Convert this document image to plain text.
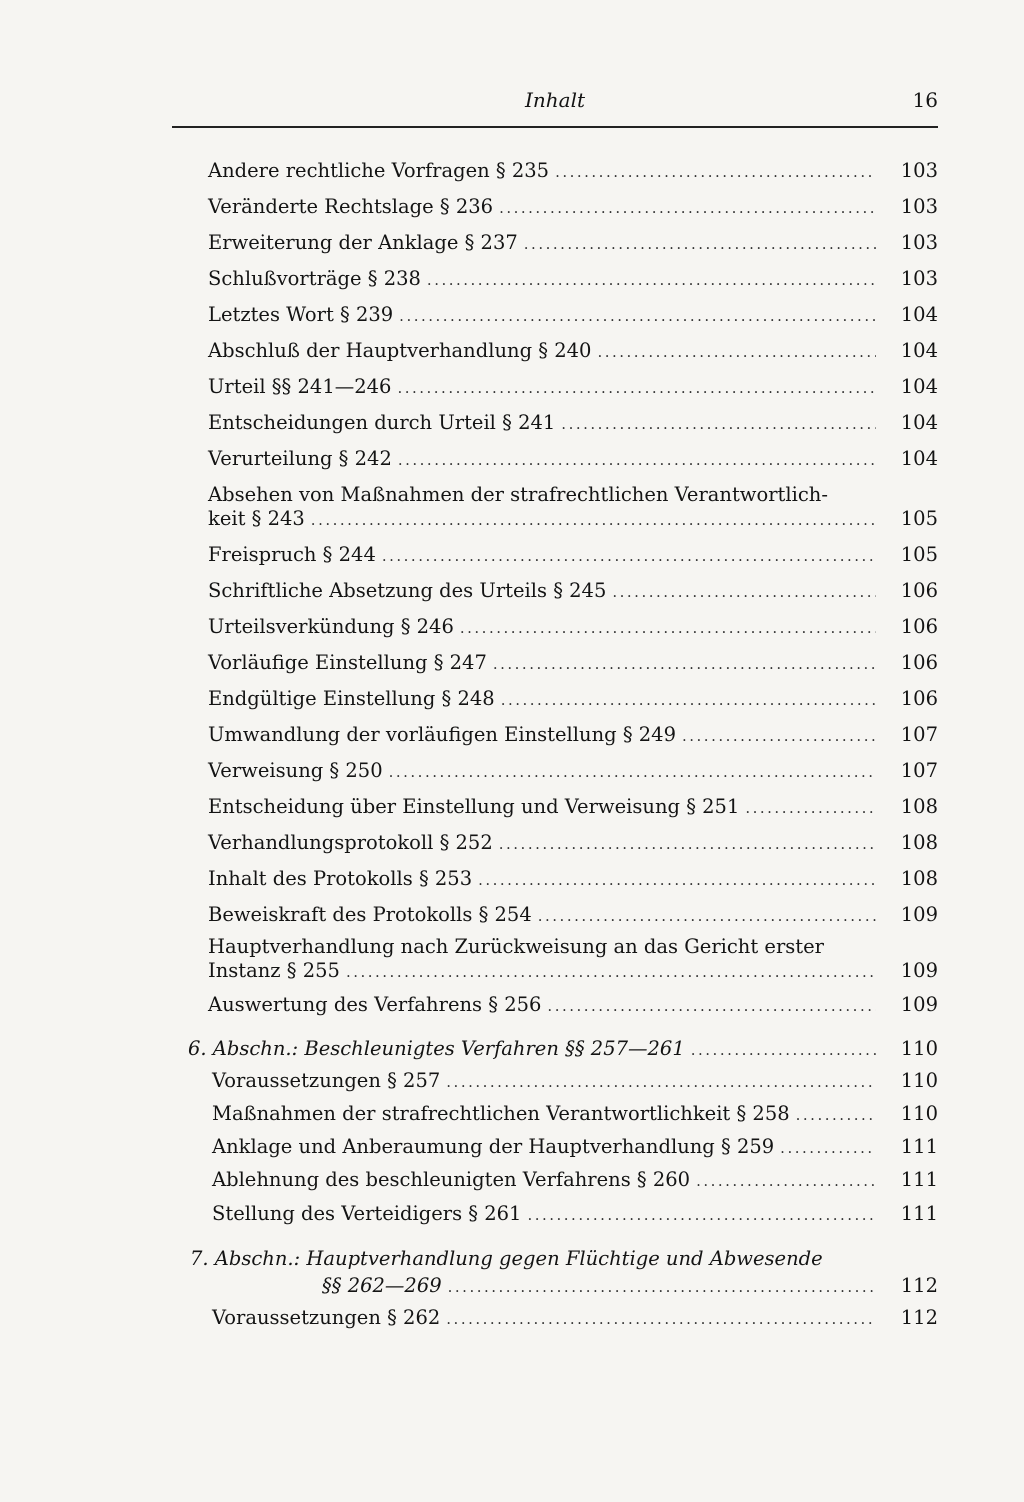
Inhalt	16
Andere rechtliche Vorfragen § 235 .....	103
Veränderte Rechtslage § 236 .....	103
Erweiterung der Anklage § 237 .....	103
Schlußvorträge § 238 .....	103
Letztes Wort § 239 .....	104
Abschluß der Hauptverhandlung § 240 .....	104
Urteil §§ 241—246 .....	104
Entscheidungen durch Urteil § 241 .....	104
Verurteilung § 242 .....	104
Absehen von Maßnahmen der strafrechtlichen Verantwortlich-
keit § 243 .....	105
Freispruch § 244 .....	105
Schriftliche Absetzung des Urteils § 245 .....	106
Urteilsverkündung § 246 .....	106
Vorläufige Einstellung § 247 .....	106
Endgültige Einstellung § 248 .....	106
Umwandlung der vorläufigen Einstellung § 249 .....	107
Verweisung § 250 .....	107
Entscheidung über Einstellung und Verweisung § 251 .....	108
Verhandlungsprotokoll § 252 .....	108
Inhalt des Protokolls § 253 .....	108
Beweiskraft des Protokolls § 254 .....	109
Hauptverhandlung nach Zurückweisung an das Gericht erster
Instanz § 255 .....	109
Auswertung des Verfahrens § 256 .....	109
6. Abschn.: Beschleunigtes Verfahren §§ 257—261 .....	110
Voraussetzungen § 257 .....	110
Maßnahmen der strafrechtlichen Verantwortlichkeit § 258 .....	110
Anklage und Anberaumung der Hauptverhandlung § 259 .....	111
Ablehnung des beschleunigten Verfahrens § 260 .....	111
Stellung des Verteidigers § 261 .....	111
7. Abschn.: Hauptverhandlung gegen Flüchtige und Abwesende
§§ 262—269 .....	112
Voraussetzungen § 262 .....	112
